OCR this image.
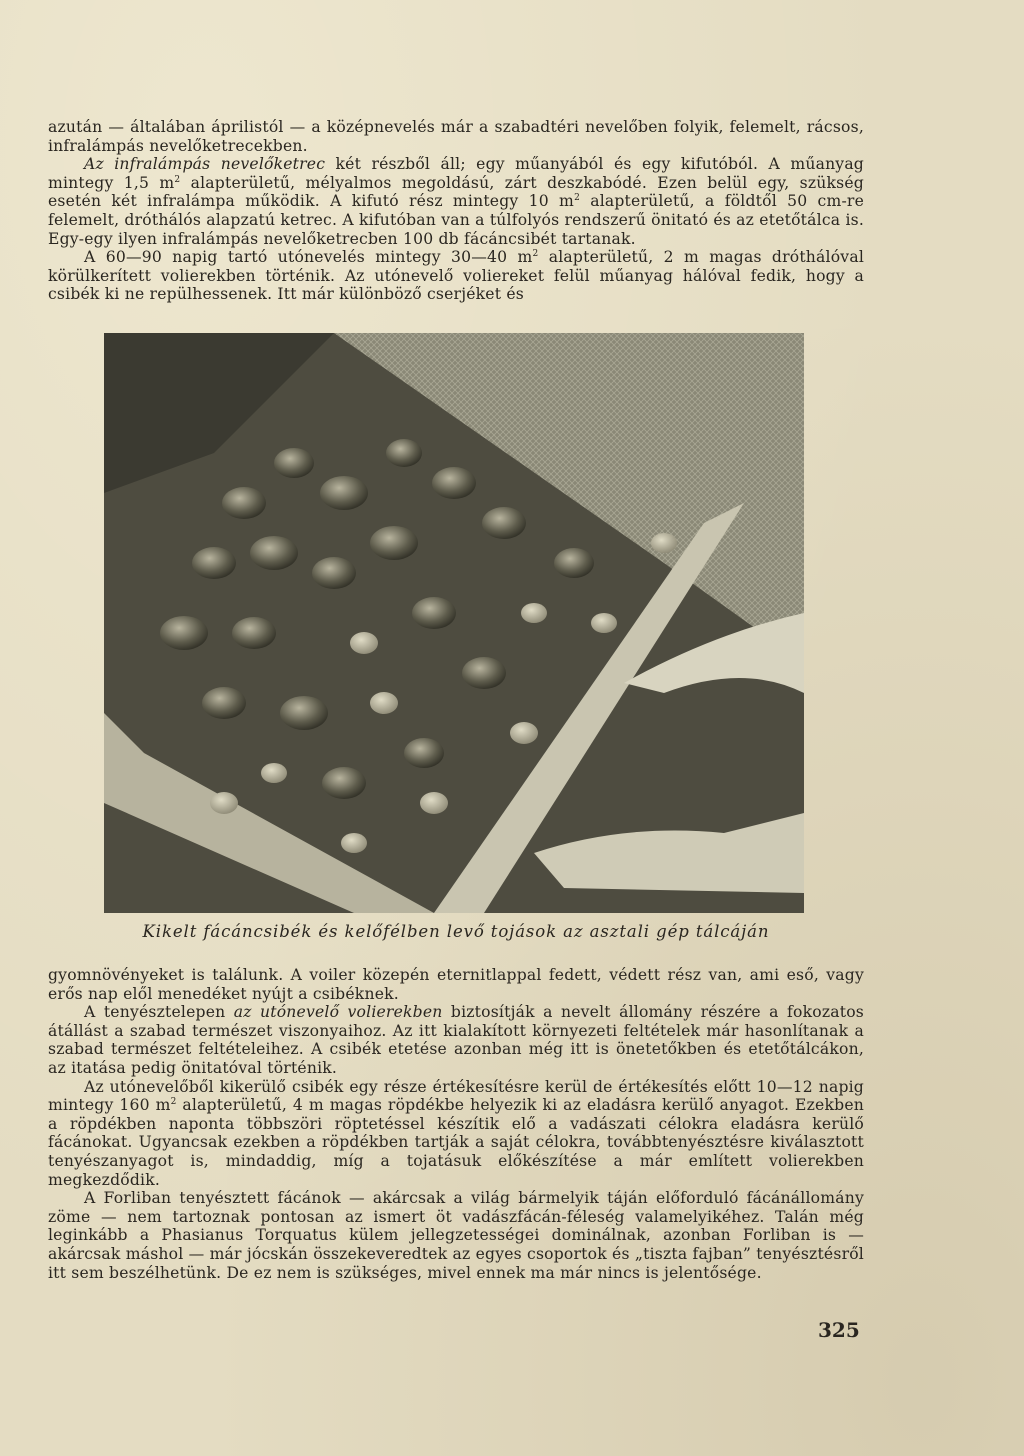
azután — általában áprilistól — a középnevelés már a szabadtéri nevelőben folyik, felemelt, rácsos, infralámpás nevelőketrecekben.

Az infralámpás nevelőketrec két részből áll; egy műanyából és egy kifutóból. A műanyag mintegy 1,5 $m^2$ alapterületű, mélyalmos megoldású, zárt deszkabódé. Ezen belül egy, szükség esetén két infralámpa működik. A kifutó rész mintegy 10 $m^2$ alapterületű, a földtől 50 cm-re felemelt, dróthálós alapzatú ketrec. A kifutóban van a túlfolyós rendszerű önitató és az etetőtálca is. Egy-egy ilyen infralámpás nevelőketrecben 100 db fácáncsibét tartanak.

A 60—90 napig tartó utónevelés mintegy 30—40 $m^2$ alapterületű, 2 m magas dróthálóval körülkerített volierekben történik. Az utónevelő voliereket felül műanyag hálóval fedik, hogy a csibék ki ne repülhessenek. Itt már különböző cserjéket és

Kikelt fácáncsibék és kelőfélben levő tojások az asztali gép tálcáján

gyomnövényeket is találunk. A voiler közepén eternitlappal fedett, védett rész van, ami eső, vagy erős nap elől menedéket nyújt a csibéknek.

A tenyésztelepen az utónevelő volierekben biztosítják a nevelt állomány részére a fokozatos átállást a szabad természet viszonyaihoz. Az itt kialakított környezeti feltételek már hasonlítanak a szabad természet feltételeihez. A csibék etetése azonban még itt is önetetőkben és etetőtálcákon, az itatása pedig önitatóval történik.

Az utónevelőből kikerülő csibék egy része értékesítésre kerül de értékesítés előtt 10—12 napig mintegy 160 $m^2$ alapterületű, 4 m magas röpdékbe helyezik ki az eladásra kerülő anyagot. Ezekben a röpdékben naponta többszöri röptetéssel készítik elő a vadászati célokra eladásra kerülő fácánokat. Ugyancsak ezekben a röpdékben tartják a saját célokra, továbbtenyésztésre kiválasztott tenyészanyagot is, mindaddig, míg a tojatásuk előkészítése a már említett volierekben megkezdődik.

A Forliban tenyésztett fácánok — akárcsak a világ bármelyik táján előforduló fácánállomány zöme — nem tartoznak pontosan az ismert öt vadászfácán-féleség valamelyikéhez. Talán még leginkább a Phasianus Torquatus külem jellegzetességei dominálnak, azonban Forliban is — akárcsak máshol — már jócskán összekeveredtek az egyes csoportok és „tiszta fajban” tenyésztésről itt sem beszélhetünk. De ez nem is szükséges, mivel ennek ma már nincs is jelentősége.

325
